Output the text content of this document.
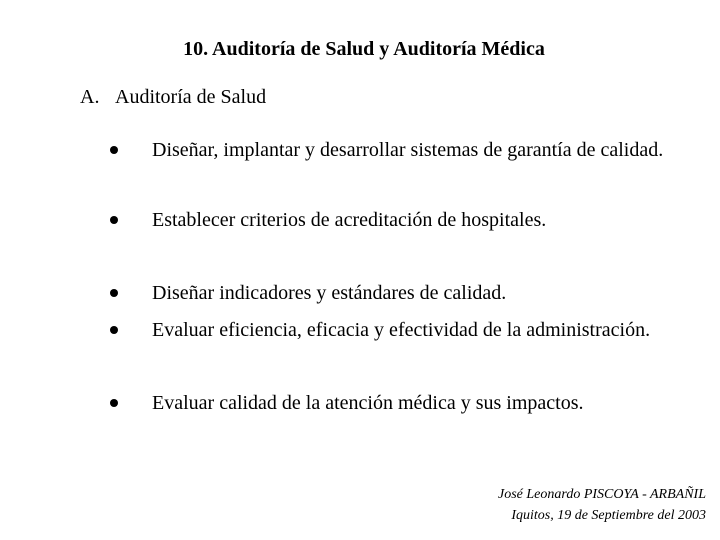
10. Auditoría de Salud y Auditoría Médica
A. Auditoría de Salud
Diseñar, implantar y desarrollar sistemas de garantía de calidad.
Establecer criterios de acreditación de hospitales.
Diseñar indicadores y estándares de calidad.
Evaluar eficiencia, eficacia y efectividad de la administración.
Evaluar calidad de la atención médica y sus impactos.
José Leonardo PISCOYA - ARBAÑIL
Iquitos, 19 de Septiembre del 2003
